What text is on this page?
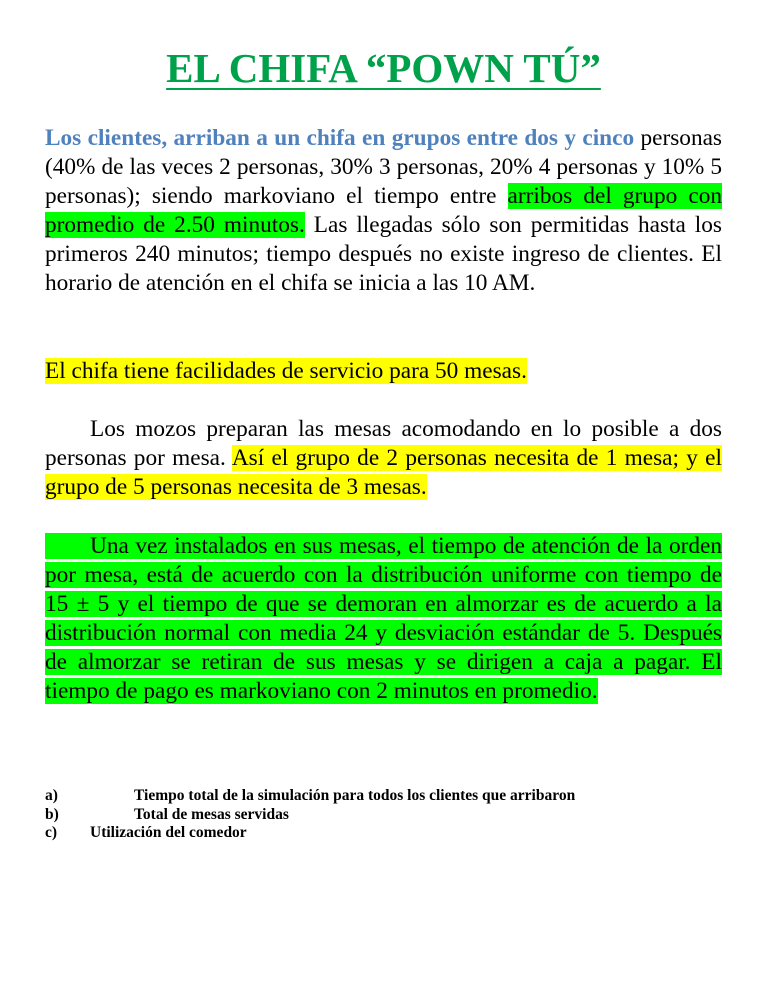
EL CHIFA “POWN TÚ”

Los clientes, arriban a un chifa en grupos entre dos y cinco personas (40% de las veces 2 personas, 30% 3 personas, 20% 4 personas y 10% 5 personas); siendo markoviano el tiempo entre arribos del grupo con promedio de 2.50 minutos. Las llegadas sólo son permitidas hasta los primeros 240 minutos; tiempo después no existe ingreso de clientes. El horario de atención en el chifa se inicia a las 10 AM.

El chifa tiene facilidades de servicio para 50 mesas.

Los mozos preparan las mesas acomodando en lo posible a dos personas por mesa. Así el grupo de 2 personas necesita de 1 mesa; y el grupo de 5 personas necesita de 3 mesas.

Una vez instalados en sus mesas, el tiempo de atención de la orden por mesa, está de acuerdo con la distribución uniforme con tiempo de 15 ± 5 y el tiempo de que se demoran en almorzar es de acuerdo a la distribución normal con media 24 y desviación estándar de 5. Después de almorzar se retiran de sus mesas y se dirigen a caja a pagar. El tiempo de pago es markoviano con 2 minutos en promedio.

a)	Tiempo total de la simulación para todos los clientes que arribaron
b)	Total de mesas servidas
c) Utilización del comedor
